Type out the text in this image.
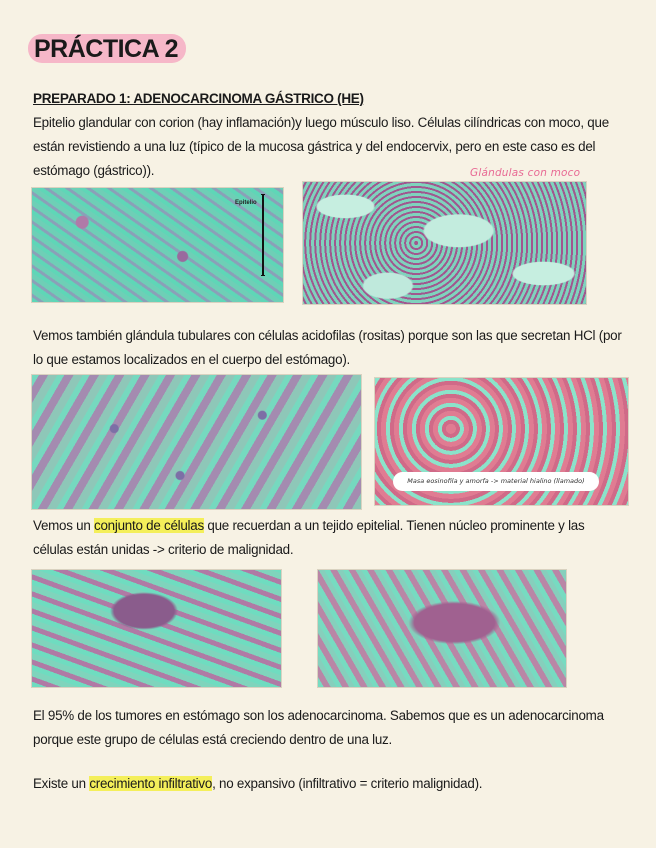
PRÁCTICA 2
PREPARADO 1: ADENOCARCINOMA GÁSTRICO (HE)
Epitelio glandular con corion (hay inflamación)y luego músculo liso. Células cilíndricas con moco, que están revistiendo a una luz (típico de la mucosa gástrica y del endocervix, pero en este caso es del estómago (gástrico)).	Glándulas con moco
Epitelio
Vemos también glándula tubulares con células acidofilas (rositas) porque son las que secretan HCl (por lo que estamos localizados en el cuerpo del estómago).
Masa eosinofila y amorfa -> material hialino (llamado)
Vemos un conjunto de células que recuerdan a un tejido epitelial. Tienen núcleo prominente y las células están unidas -> criterio de malignidad.
El 95% de los tumores en estómago son los adenocarcinoma. Sabemos que es un adenocarcinoma porque este grupo de células está creciendo dentro de una luz.
Existe un crecimiento infiltrativo, no expansivo (infiltrativo = criterio malignidad).
